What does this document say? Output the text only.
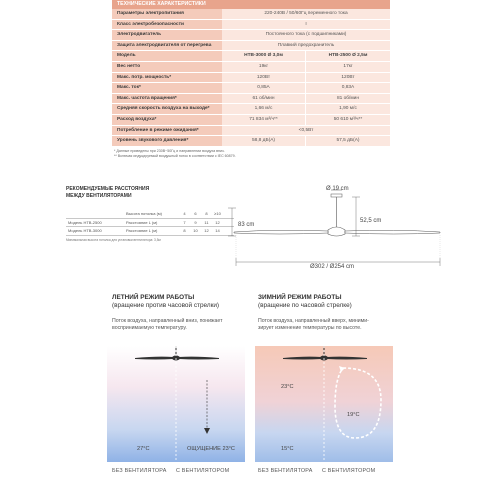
ТЕХНИЧЕСКИЕ ХАРАКТЕРИСТИКИ
Параметры электропитания	220-240В / 50/60Гц переменного тока
Класс электробезопасности	I
Электродвигатель	Постоянного тока (с подшипниками)
Защита электродвигателя от перегрева	Плавкий предохранитель
Модель	НТВ-3000 Ø 3,0м	НТВ-2500 Ø 2,5м
Вес нетто	19кг	17кг
Макс. потр. мощность*	120Вт	120Вт
Макс. ток*	0,85А	0,83А
Макс. частота вращения*	61 об/мин	81 об/мин
Средняя скорость воздуха на выходе*	1,66 м/с	1,90 м/с
Расход воздуха*	71 834 м³/ч**	50 610 м³/ч**
Потребление в режиме ожидания*	<0,5Вт
Уровень звукового давления*	58,8 дБ(А)	57,5 дБ(А)
* Данные приведены при 230В~50Гц и направлении воздуха вниз.
** Включая индуцируемый воздушный поток в соответствии с IEC 60879.
РЕКОМЕНДУЕМЫЕ РАССТОЯНИЯ
МЕЖДУ ВЕНТИЛЯТОРАМИ
Высота потолка (м)	4	6	8	≥10
Модель НТВ-2500	Расстояние L (м)	7	9	11	12
Модель НТВ-3000	Расстояние L (м)	8	10	12	14
Минимальная высота потолка для установки вентилятора: 3,5м
Ø 19 cm
52,5 cm
83 cm
Ø302 / Ø254 cm
ЛЕТНИЙ РЕЖИМ РАБОТЫ
(вращение против часовой стрелки)
Поток воздуха, направленный вниз, понижает
воспринимаемую температуру.
27°C	ОЩУЩЕНИЕ 23°C
БЕЗ ВЕНТИЛЯТОРА С ВЕНТИЛЯТОРОМ
ЗИМНИЙ РЕЖИМ РАБОТЫ
(вращение по часовой стрелке)
Поток воздуха, направленный вверх, миними-
зирует изменение температуры по высоте.
23°C
15°C
19°C
БЕЗ ВЕНТИЛЯТОРА С ВЕНТИЛЯТОРОМ
